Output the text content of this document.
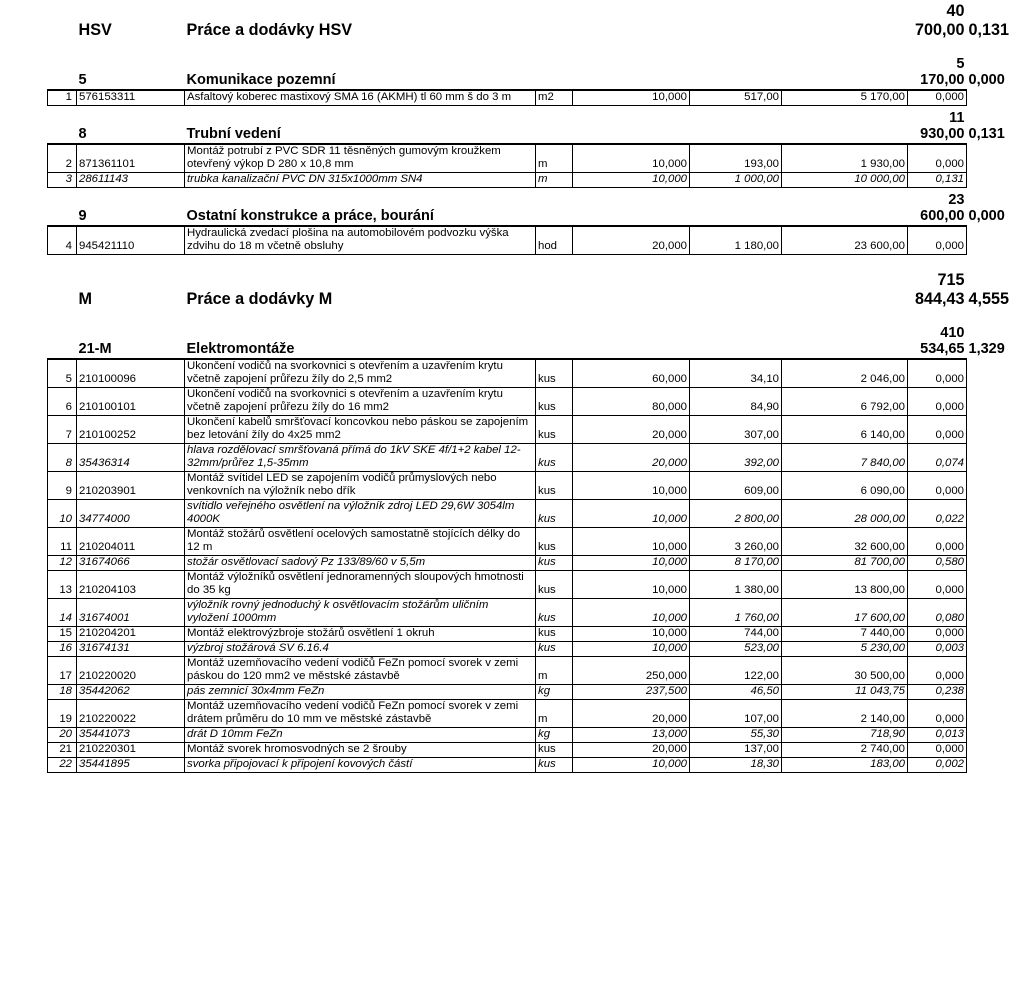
	HSV	Práce a dodávky HSV					40 700,00	0,131
	5	Komunikace pozemní					5 170,00	0,000
1	576153311	Asfaltový koberec mastixový SMA 16 (AKMH) tl 60 mm š do 3 m	m2	10,000	517,00	5 170,00	0,000	
	8	Trubní vedení					11 930,00	0,131
2	871361101	Montáž potrubí z PVC SDR 11 těsněných gumovým kroužkem otevřený výkop D 280 x 10,8 mm	m	10,000	193,00	1 930,00	0,000	
3	28611143	trubka kanalizační PVC DN 315x1000mm SN4	m	10,000	1 000,00	10 000,00	0,131	
	9	Ostatní konstrukce a práce, bourání					23 600,00	0,000
4	945421110	Hydraulická zvedací plošina na automobilovém podvozku výška zdvihu do 18 m včetně obsluhy	hod	20,000	1 180,00	23 600,00	0,000	
	M	Práce a dodávky M					715 844,43	4,555
	21-M	Elektromontáže					410 534,65	1,329
5	210100096	Ukončení vodičů na svorkovnici s otevřením a uzavřením krytu včetně zapojení průřezu žíly do 2,5 mm2	kus	60,000	34,10	2 046,00	0,000	
6	210100101	Ukončení vodičů na svorkovnici s otevřením a uzavřením krytu včetně zapojení průřezu žíly do 16 mm2	kus	80,000	84,90	6 792,00	0,000	
7	210100252	Ukončení kabelů smršťovací koncovkou nebo páskou se zapojením bez letování žíly do 4x25 mm2	kus	20,000	307,00	6 140,00	0,000	
8	35436314	hlava rozdělovací smršťovaná přímá do 1kV SKE 4f/1+2 kabel 12-32mm/průřez 1,5-35mm	kus	20,000	392,00	7 840,00	0,074	
9	210203901	Montáž svítidel LED se zapojením vodičů průmyslových nebo venkovních na výložník nebo dřík	kus	10,000	609,00	6 090,00	0,000	
10	34774000	svítidlo veřejného osvětlení na výložník zdroj LED 29,6W 3054lm 4000K	kus	10,000	2 800,00	28 000,00	0,022	
11	210204011	Montáž stožárů osvětlení ocelových samostatně stojících délky do 12 m	kus	10,000	3 260,00	32 600,00	0,000	
12	31674066	stožár osvětlovací sadový Pz 133/89/60 v 5,5m	kus	10,000	8 170,00	81 700,00	0,580	
13	210204103	Montáž výložníků osvětlení jednoramenných sloupových hmotnosti do 35 kg	kus	10,000	1 380,00	13 800,00	0,000	
14	31674001	výložník rovný jednoduchý k osvětlovacím stožárům uličním vyložení 1000mm	kus	10,000	1 760,00	17 600,00	0,080	
15	210204201	Montáž elektrovýzbroje stožárů osvětlení 1 okruh	kus	10,000	744,00	7 440,00	0,000	
16	31674131	výzbroj stožárová SV 6.16.4	kus	10,000	523,00	5 230,00	0,003	
17	210220020	Montáž uzemňovacího vedení vodičů FeZn pomocí svorek v zemi páskou do 120 mm2 ve městské zástavbě	m	250,000	122,00	30 500,00	0,000	
18	35442062	pás zemnicí 30x4mm FeZn	kg	237,500	46,50	11 043,75	0,238	
19	210220022	Montáž uzemňovacího vedení vodičů FeZn pomocí svorek v zemi drátem průměru do 10 mm ve městské zástavbě	m	20,000	107,00	2 140,00	0,000	
20	35441073	drát D 10mm FeZn	kg	13,000	55,30	718,90	0,013	
21	210220301	Montáž svorek hromosvodných se 2 šrouby	kus	20,000	137,00	2 740,00	0,000	
22	35441895	svorka připojovací k připojení kovových částí	kus	10,000	18,30	183,00	0,002	
